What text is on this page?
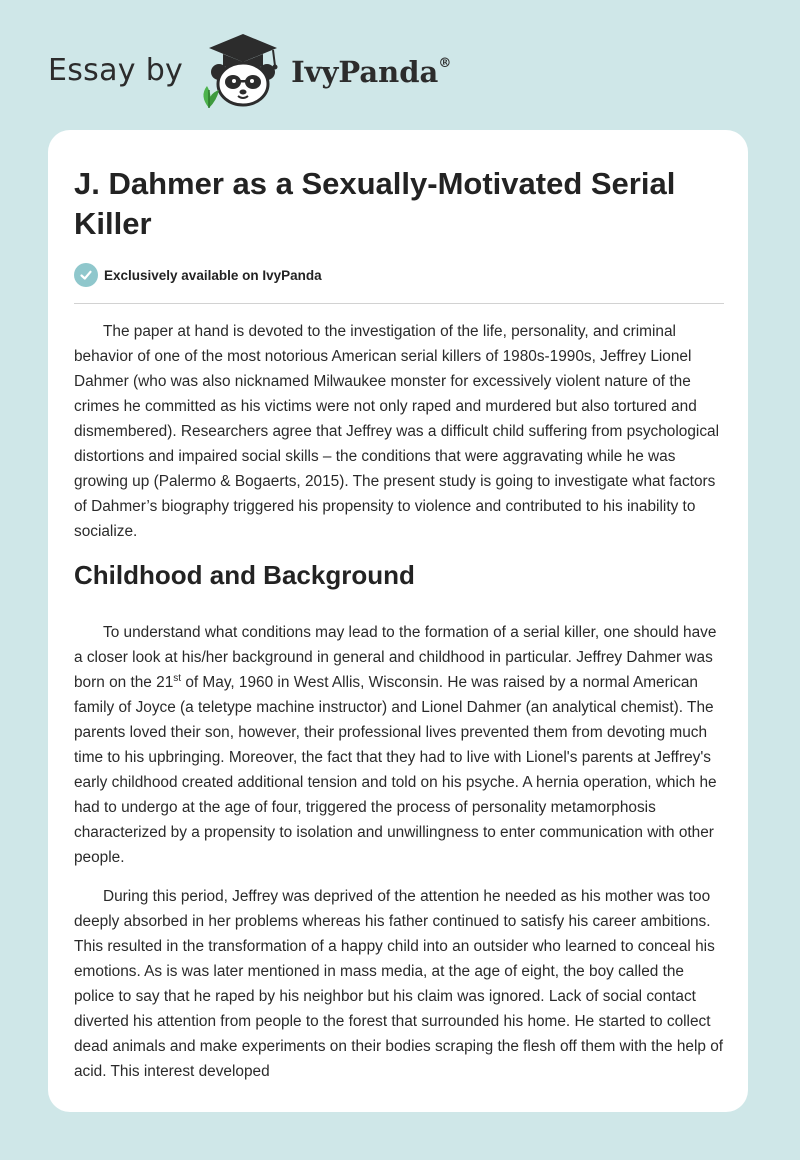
Essay by	IvyPanda®
J. Dahmer as a Sexually-Motivated Serial Killer
Exclusively available on IvyPanda

The paper at hand is devoted to the investigation of the life, personality, and criminal behavior of one of the most notorious American serial killers of 1980s-1990s, Jeffrey Lionel Dahmer (who was also nicknamed Milwaukee monster for excessively violent nature of the crimes he committed as his victims were not only raped and murdered but also tortured and dismembered). Researchers agree that Jeffrey was a difficult child suffering from psychological distortions and impaired social skills – the conditions that were aggravating while he was growing up (Palermo & Bogaerts, 2015). The present study is going to investigate what factors of Dahmer’s biography triggered his propensity to violence and contributed to his inability to socialize.

Childhood and Background

To understand what conditions may lead to the formation of a serial killer, one should have a closer look at his/her background in general and childhood in particular. Jeffrey Dahmer was born on the 21st of May, 1960 in West Allis, Wisconsin. He was raised by a normal American family of Joyce (a teletype machine instructor) and Lionel Dahmer (an analytical chemist). The parents loved their son, however, their professional lives prevented them from devoting much time to his upbringing. Moreover, the fact that they had to live with Lionel's parents at Jeffrey's early childhood created additional tension and told on his psyche. A hernia operation, which he had to undergo at the age of four, triggered the process of personality metamorphosis characterized by a propensity to isolation and unwillingness to enter communication with other people.

During this period, Jeffrey was deprived of the attention he needed as his mother was too deeply absorbed in her problems whereas his father continued to satisfy his career ambitions. This resulted in the transformation of a happy child into an outsider who learned to conceal his emotions. As is was later mentioned in mass media, at the age of eight, the boy called the police to say that he raped by his neighbor but his claim was ignored. Lack of social contact diverted his attention from people to the forest that surrounded his home. He started to collect dead animals and make experiments on their bodies scraping the flesh off them with the help of acid. This interest developed
